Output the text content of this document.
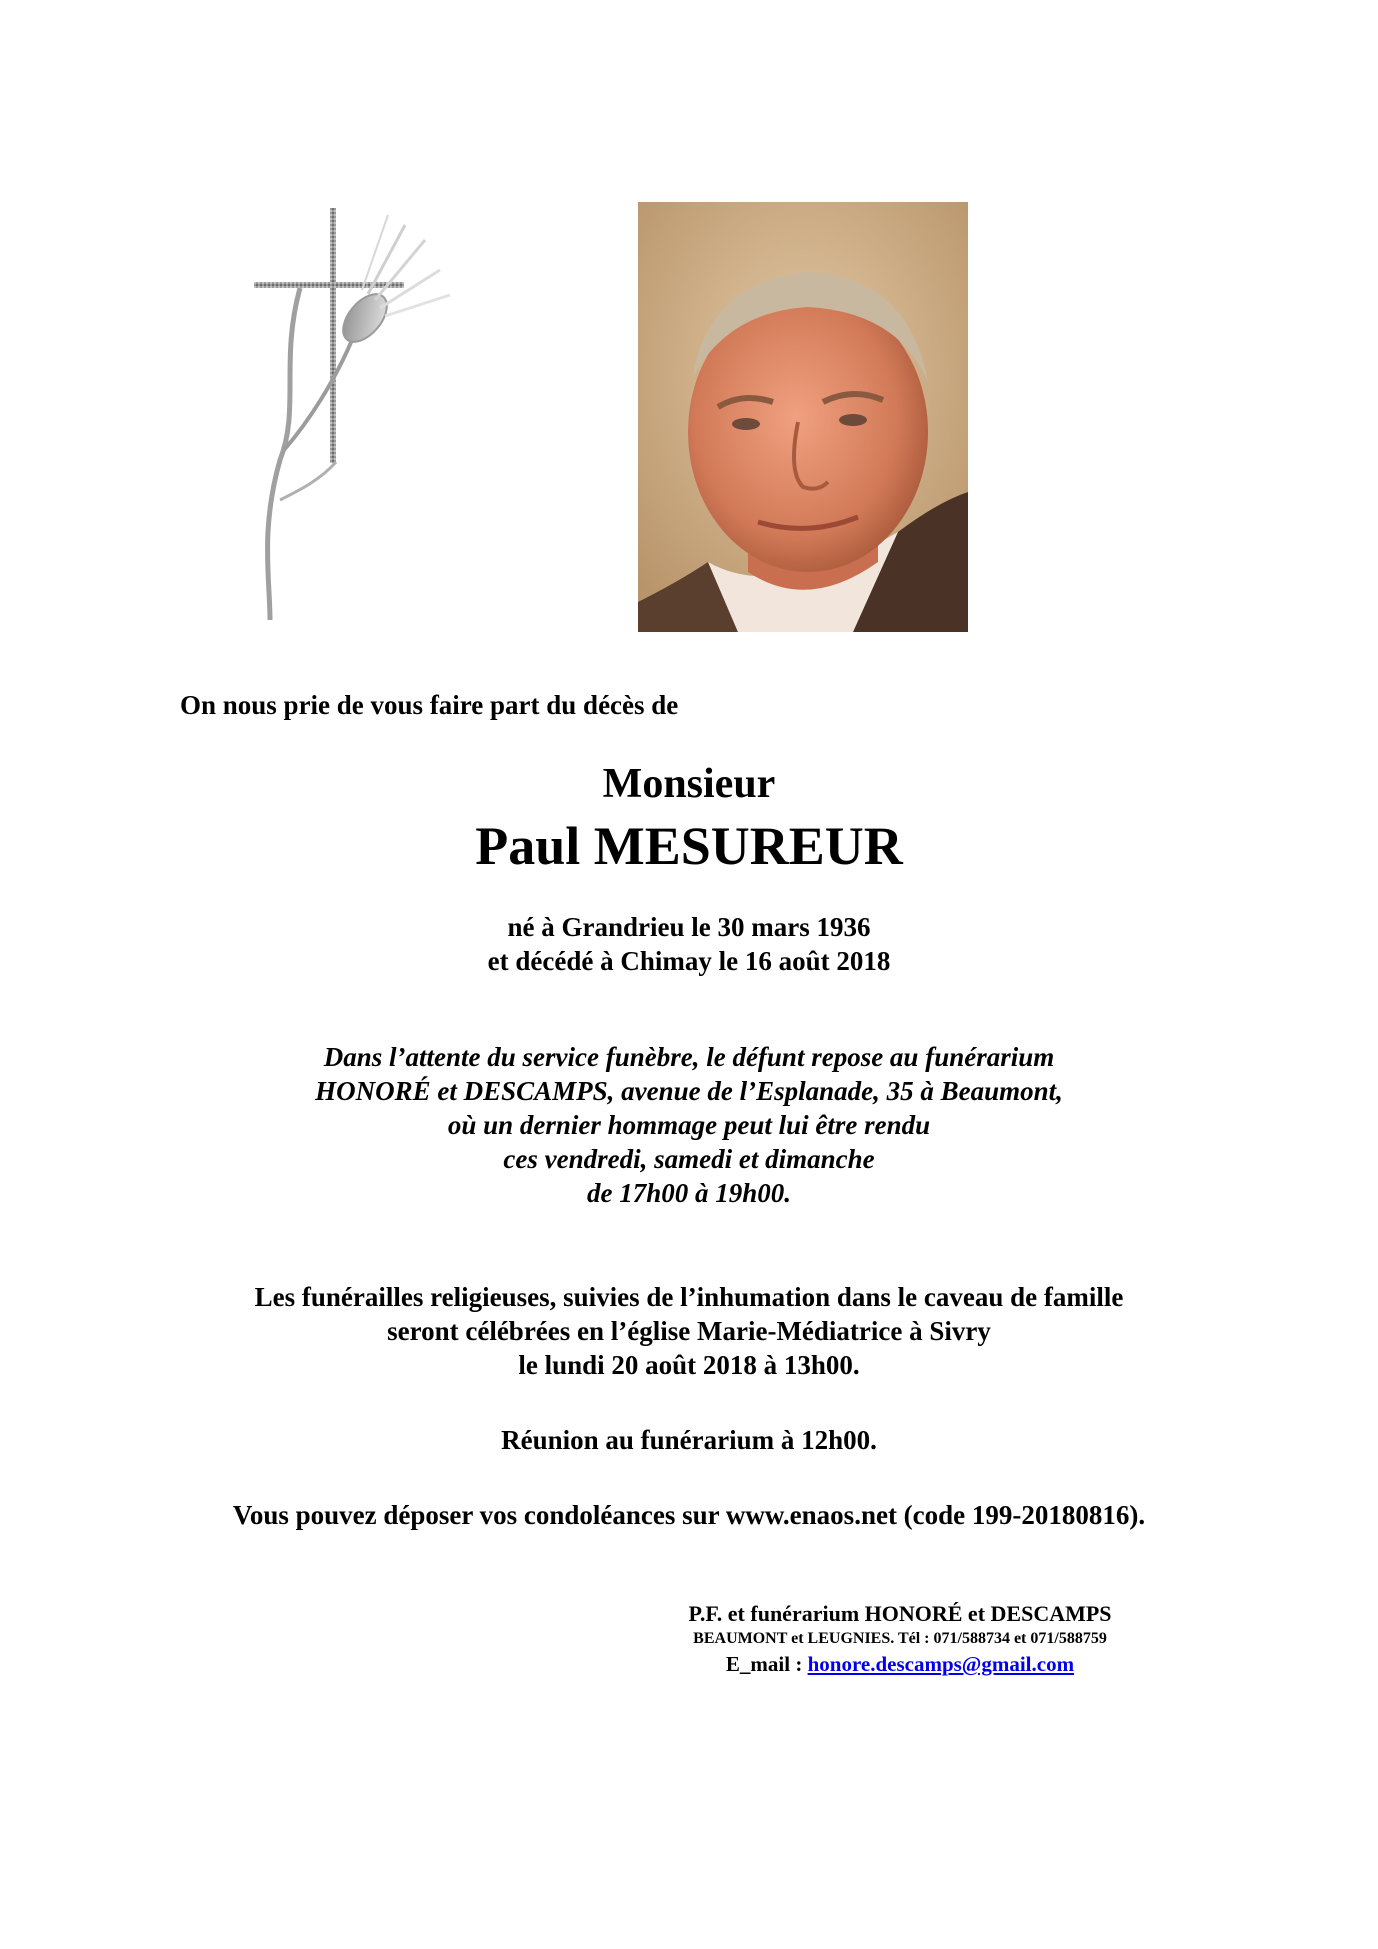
On nous prie de vous faire part du décès de
Monsieur
Paul MESUREUR
né à Grandrieu le 30 mars 1936
et décédé à Chimay le 16 août 2018
Dans l’attente du service funèbre, le défunt repose au funérarium
HONORÉ et DESCAMPS, avenue de l’Esplanade, 35 à Beaumont,
où un dernier hommage peut lui être rendu
ces vendredi, samedi et dimanche
de 17h00 à 19h00.
Les funérailles religieuses, suivies de l’inhumation dans le caveau de famille
seront célébrées en l’église Marie-Médiatrice à Sivry
le lundi 20 août 2018 à 13h00.
Réunion au funérarium à 12h00.
Vous pouvez déposer vos condoléances sur www.enaos.net (code 199-20180816).
P.F. et funérarium HONORÉ et DESCAMPS
BEAUMONT et LEUGNIES. Tél : 071/588734 et 071/588759
E_mail : honore.descamps@gmail.com
